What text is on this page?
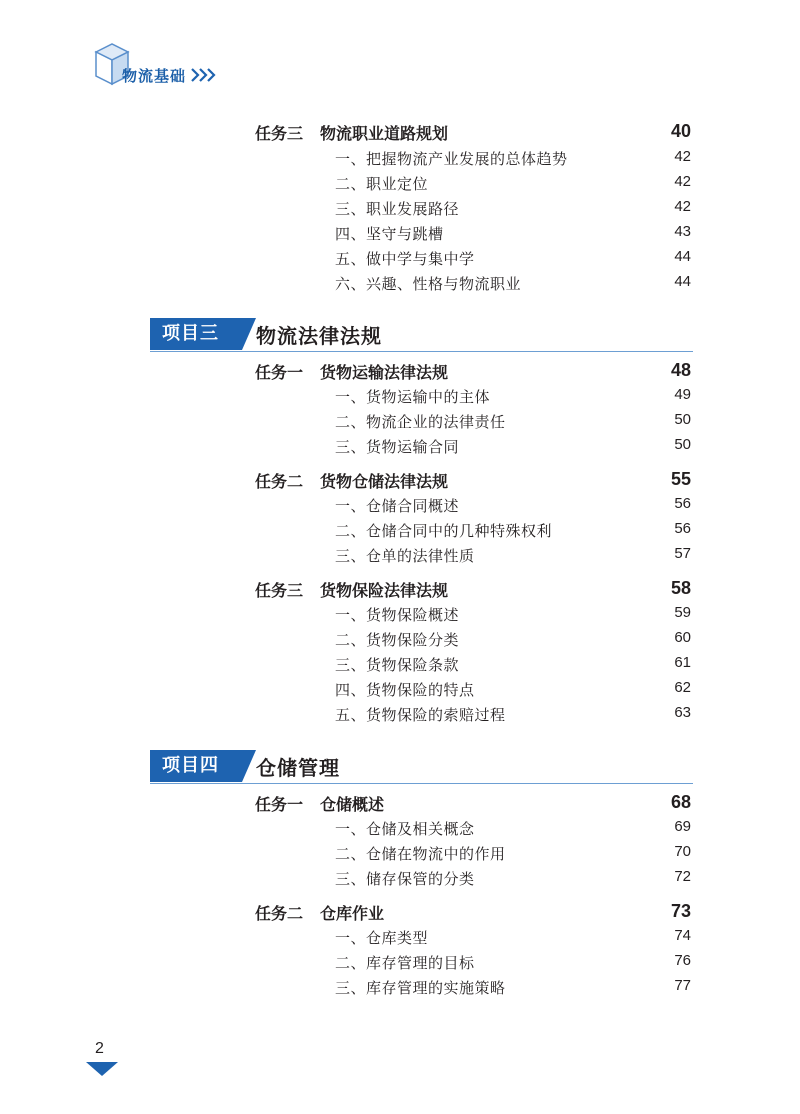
物流基础
任务三 物流职业道路规划	40
一、把握物流产业发展的总体趋势	42
二、职业定位	42
三、职业发展路径	42
四、坚守与跳槽	43
五、做中学与集中学	44
六、兴趣、性格与物流职业	44
项目三	物流法律法规
任务一 货物运输法律法规	48
一、货物运输中的主体	49
二、物流企业的法律责任	50
三、货物运输合同	50
任务二 货物仓储法律法规	55
一、仓储合同概述	56
二、仓储合同中的几种特殊权利	56
三、仓单的法律性质	57
任务三 货物保险法律法规	58
一、货物保险概述	59
二、货物保险分类	60
三、货物保险条款	61
四、货物保险的特点	62
五、货物保险的索赔过程	63
项目四	仓储管理
任务一 仓储概述	68
一、仓储及相关概念	69
二、仓储在物流中的作用	70
三、储存保管的分类	72
任务二 仓库作业	73
一、仓库类型	74
二、库存管理的目标	76
三、库存管理的实施策略	77
2
